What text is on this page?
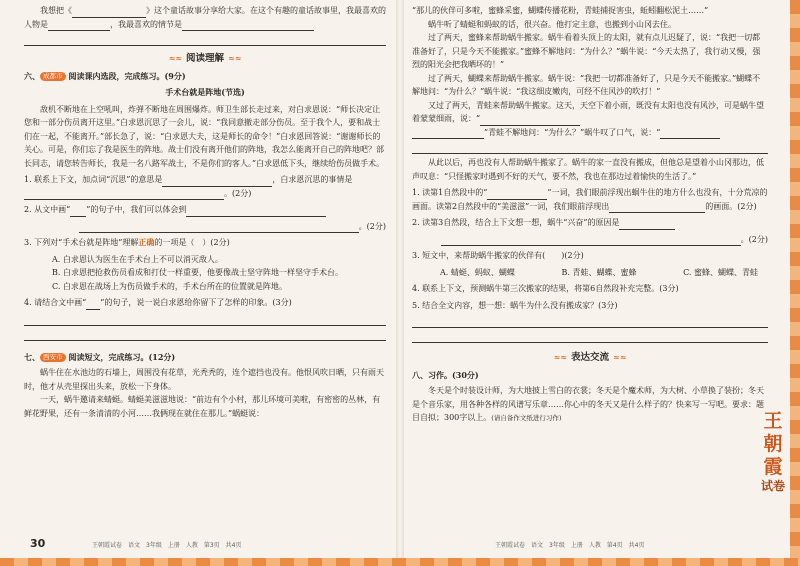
我想把《	》这个童话故事分享给大家。在这个有趣的童话故事里，我最喜欢的人物是	，我最喜欢的情节是

≈≈ 阅读理解 ≈≈
六、 成都市 阅读课内选段，完成练习。(9分)
手术台就是阵地(节选)

敌机不断地在上空吼叫，炸弹不断地在周围爆炸。师卫生部长走过来，对白求恩说：“师长决定让您和一部分伤员离开这里。”白求恩沉思了一会儿，说：“我同意撤走部分伤员。至于我个人，要和战士们在一起，不能离开。”部长急了，说：“白求恩大夫，这是师长的命令！”白求恩回答说：“谢谢师长的关心。可是，你们忘了我是医生的阵地。战士们没有离开他们的阵地，我怎么能离开自己的阵地吧？部长同志，请您转告师长，我是一名八路军战士，不是你们的客人。”白求恩低下头，继续给伤员做手术。

1. 联系上下文，加点词“沉思”的意思是	，白求恩沉思的事情是。(2分)

2. 从文中画“ ”的句子中，我们可以体会到

。(2分)

3. 下列对“手术台就是阵地”理解正确的一项是（　）(2分)

A. 白求恩认为医生在手术台上不可以消灭敌人。

B. 白求恩把抢救伤员看成和打仗一样重要，他要像战士坚守阵地一样坚守手术台。

C. 白求恩在战场上为伤员做手术的，手术台所在的位置就是阵地。

4. 请结合文中画“ ”的句子，说一说白求恩给你留下了怎样的印象。(3分)

七、 西安市 阅读短文，完成练习。(12分)

蜗牛住在水池边的石墙上，周围没有花草，光秃秃的，连个遮挡也没有。他恨风吹日晒，只有雨天时，他才从壳里探出头来，放松一下身体。

一天，蜗牛邀请来蜻蜓。蜻蜓美滋滋地说：“前边有个小村，那儿环境可美啦，有密密的丛林，有鲜花野果，还有一条清清的小河……我俩现在就住在那儿。”蜗蜓说：

30	王朝霞试卷　语文　3年级　上册　人教　第3页　共4页

“那儿的伙伴可多啦，蜜蜂采蜜，蝴蝶传播花粉，青蛙捕捉害虫，蚯蚓翻松泥土……”

蜗牛听了蜻蜓和蚂蚁的话，很兴奋。他打定主意，也搬到小山冈去住。

过了两天，蜜蜂来帮助蜗牛搬家。蜗牛看着头顶上的太阳，就有点儿迟疑了，说：“我把一切都准备好了，只是今天不能搬家。”蜜蜂不解地问：“为什么？”蜗牛说：“今天太热了，我行动又慢，强烈的阳光会把我晒坏的！”

过了两天，蝴蝶来帮助蜗牛搬家。蜗牛说：“我把一切都准备好了，只是今天不能搬家。”蝴蝶不解地问：“为什么？”蜗牛说：“我这细皮嫩肉，可经不住风沙的吹打！”

又过了两天，青蛙来帮助蜗牛搬家。这天，天空下着小雨，既没有太阳也没有风沙，可是蜗牛望着蒙蒙细雨，说：“

”青蛙不解地问：“为什么？”蜗牛叹了口气，说：“

从此以后，再也没有人帮助蜗牛搬家了。蜗牛的家一直没有搬成，但他总是望着小山冈那边，低声叹息：“只怪搬家时遇到不好的天气，要不然，我也在那边过着愉快的生活了。”

1. 读第1自然段中的“	”一词，我们眼前浮现出蜗牛住的地方什么也没有，十分荒凉的画面。读第2自然段中的“美滋滋”一词，我们眼前浮现出	的画面。(2分)

2. 读第3自然段，结合上下文想一想，蜗牛“兴奋”的原因是

。(2分)

3. 短文中，来帮助蜗牛搬家的伙伴有(　　)(2分)

A. 蜻蜓、蚂蚁、蝴蝶	B. 青蛙、蝴蝶、蜜蜂	C. 蜜蜂、蝴蝶、青蛙

4. 联系上下文，预测蜗牛第三次搬家的结果，将第6自然段补充完整。(3分)

5. 结合全文内容，想一想：蜗牛为什么没有搬成家？(3分)

≈≈ 表达交流 ≈≈
八、习作。(30分)

冬天是个时装设计师，为大地披上雪白的衣裳；冬天是个魔术师，为大树、小草换了装扮；冬天是个音乐家，用各种各样的风谱写乐章……你心中的冬天又是什么样子的？快来写一写吧。要求：题目自拟；300字以上。(请自备作文纸进行习作)

王朝霞试卷　语文　3年级　上册　人教　第4页　共4页
王
朝
霞
试卷
